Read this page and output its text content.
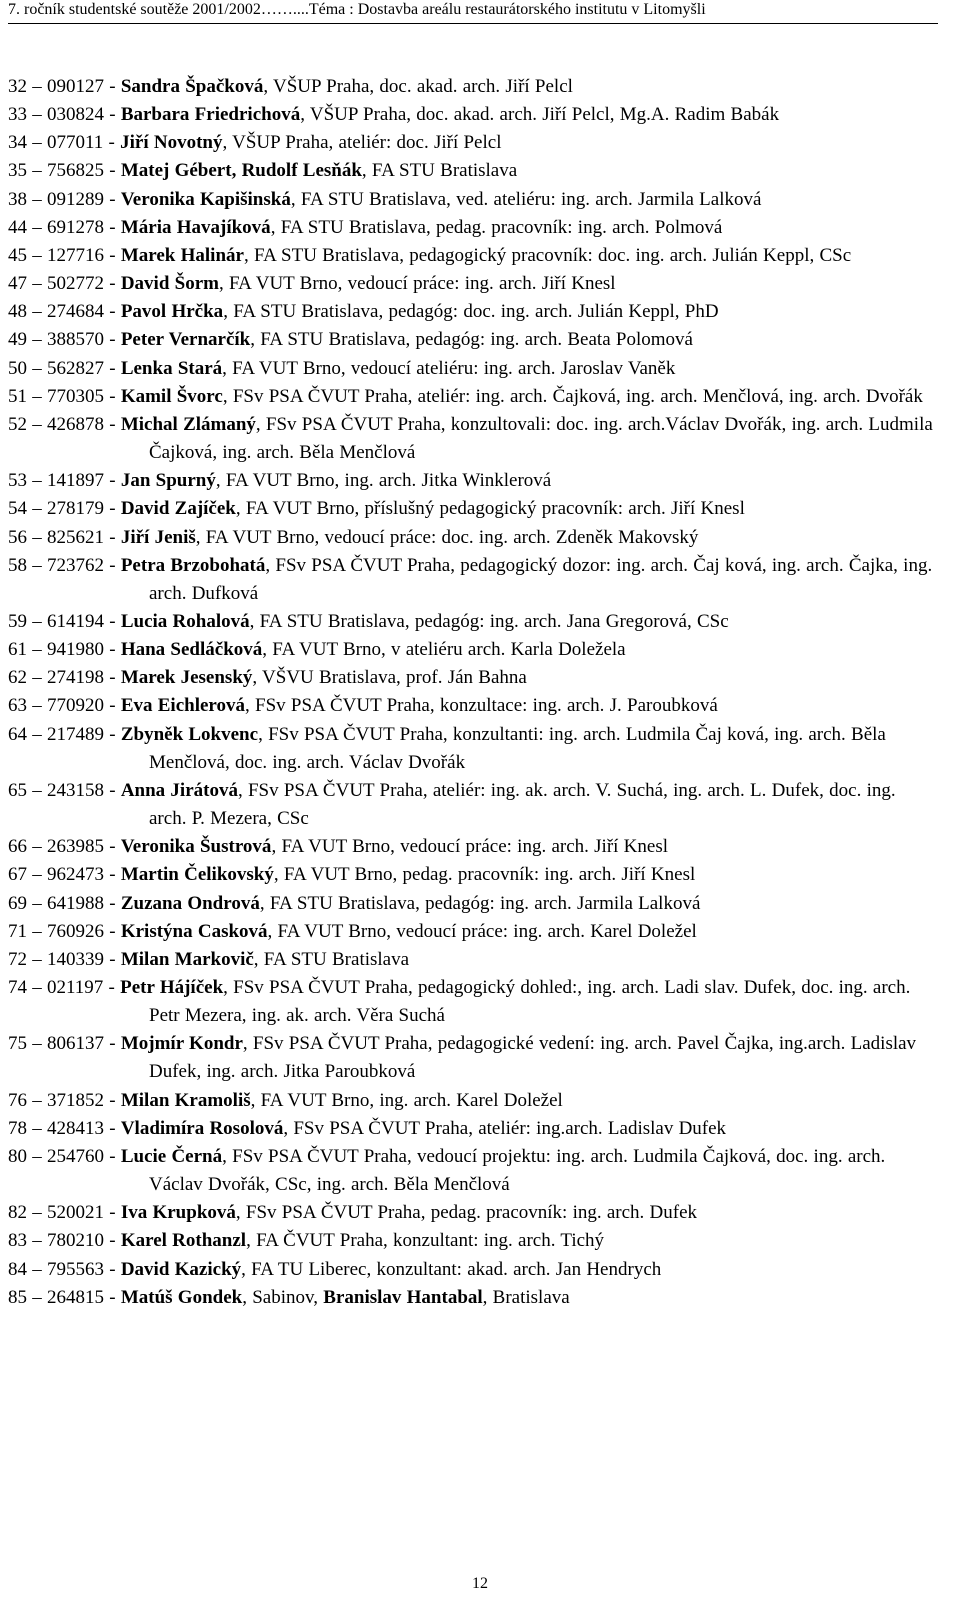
7. ročník studentské soutěže 2001/2002……....Téma : Dostavba areálu restaurátorského institutu v Litomyšli
32 – 090127 - Sandra Špačková, VŠUP Praha, doc. akad. arch. Jiří Pelcl
33 – 030824 - Barbara Friedrichová, VŠUP Praha, doc. akad. arch. Jiří Pelcl, Mg.A. Radim Babák
34 – 077011 - Jiří Novotný, VŠUP Praha, ateliér: doc. Jiří Pelcl
35 – 756825 - Matej Gébert, Rudolf Lesňák, FA STU Bratislava
38 – 091289 - Veronika Kapišinská, FA STU Bratislava, ved. ateliéru: ing. arch. Jarmila Lalková
44 – 691278 - Mária Havajíková, FA STU Bratislava, pedag. pracovník: ing. arch. Polmová
45 – 127716 - Marek Halinár, FA STU Bratislava, pedagogický pracovník: doc. ing. arch. Julián Keppl, CSc
47 – 502772 - David Šorm, FA VUT Brno, vedoucí práce: ing. arch. Jiří Knesl
48 – 274684 - Pavol Hrčka, FA STU Bratislava, pedagóg: doc. ing. arch. Julián Keppl, PhD
49 – 388570 - Peter Vernarčík, FA STU Bratislava, pedagóg: ing. arch. Beata Polomová
50 – 562827 - Lenka Stará, FA VUT Brno, vedoucí ateliéru: ing. arch. Jaroslav Vaněk
51 – 770305 - Kamil Švorc, FSv PSA ČVUT Praha, ateliér: ing. arch. Čajková, ing. arch. Menčlová, ing. arch. Dvořák
52 – 426878 - Michal Zlámaný, FSv PSA ČVUT Praha, konzultovali: doc. ing. arch.Václav Dvořák, ing. arch. Ludmila Čajková, ing. arch. Běla Menčlová
53 – 141897 - Jan Spurný, FA VUT Brno, ing. arch. Jitka Winklerová
54 – 278179 - David Zajíček, FA VUT Brno, příslušný pedagogický pracovník: arch. Jiří Knesl
56 – 825621 - Jiří Jeniš, FA VUT Brno, vedoucí práce: doc. ing. arch. Zdeněk Makovský
58 – 723762 - Petra Brzobohatá, FSv PSA ČVUT Praha, pedagogický dozor: ing. arch. Čaj ková, ing. arch. Čajka, ing. arch. Dufková
59 – 614194 - Lucia Rohalová, FA STU Bratislava, pedagóg: ing. arch. Jana Gregorová, CSc
61 – 941980 - Hana Sedláčková, FA VUT Brno, v ateliéru arch. Karla Doležela
62 – 274198 - Marek Jesenský, VŠVU Bratislava, prof. Ján Bahna
63 – 770920 - Eva Eichlerová, FSv PSA ČVUT Praha, konzultace: ing. arch. J. Paroubková
64 – 217489 - Zbyněk Lokvenc, FSv PSA ČVUT Praha, konzultanti: ing. arch. Ludmila Čaj ková, ing. arch. Běla Menčlová, doc. ing. arch. Václav Dvořák
65 – 243158 - Anna Jirátová, FSv PSA ČVUT Praha, ateliér: ing. ak. arch. V. Suchá, ing. arch. L. Dufek, doc. ing. arch. P. Mezera, CSc
66 – 263985 - Veronika Šustrová, FA VUT Brno, vedoucí práce: ing. arch. Jiří Knesl
67 – 962473 - Martin Čelikovský, FA VUT Brno, pedag. pracovník: ing. arch. Jiří Knesl
69 – 641988 - Zuzana Ondrová, FA STU Bratislava, pedagóg: ing. arch. Jarmila Lalková
71 – 760926 - Kristýna Casková, FA VUT Brno, vedoucí práce: ing. arch. Karel Doležel
72 – 140339 - Milan Markovič, FA STU Bratislava
74 – 021197 - Petr Hájíček, FSv PSA ČVUT Praha, pedagogický dohled:, ing. arch. Ladi slav. Dufek, doc. ing. arch. Petr Mezera, ing. ak. arch. Věra Suchá
75 – 806137 - Mojmír Kondr, FSv PSA ČVUT Praha, pedagogické vedení: ing. arch. Pavel Čajka, ing.arch. Ladislav Dufek, ing. arch. Jitka Paroubková
76 – 371852 - Milan Kramoliš, FA VUT Brno, ing. arch. Karel Doležel
78 – 428413 - Vladimíra Rosolová, FSv PSA ČVUT Praha, ateliér: ing.arch. Ladislav Dufek
80 – 254760 - Lucie Černá, FSv PSA ČVUT Praha, vedoucí projektu: ing. arch. Ludmila Čajková, doc. ing. arch. Václav Dvořák, CSc, ing. arch. Běla Menčlová
82 – 520021 - Iva Krupková, FSv PSA ČVUT Praha, pedag. pracovník: ing. arch. Dufek
83 – 780210 - Karel Rothanzl, FA ČVUT Praha, konzultant: ing. arch. Tichý
84 – 795563 - David Kazický, FA TU Liberec, konzultant: akad. arch. Jan Hendrych
85 – 264815 - Matúš Gondek, Sabinov, Branislav Hantabal, Bratislava
12
